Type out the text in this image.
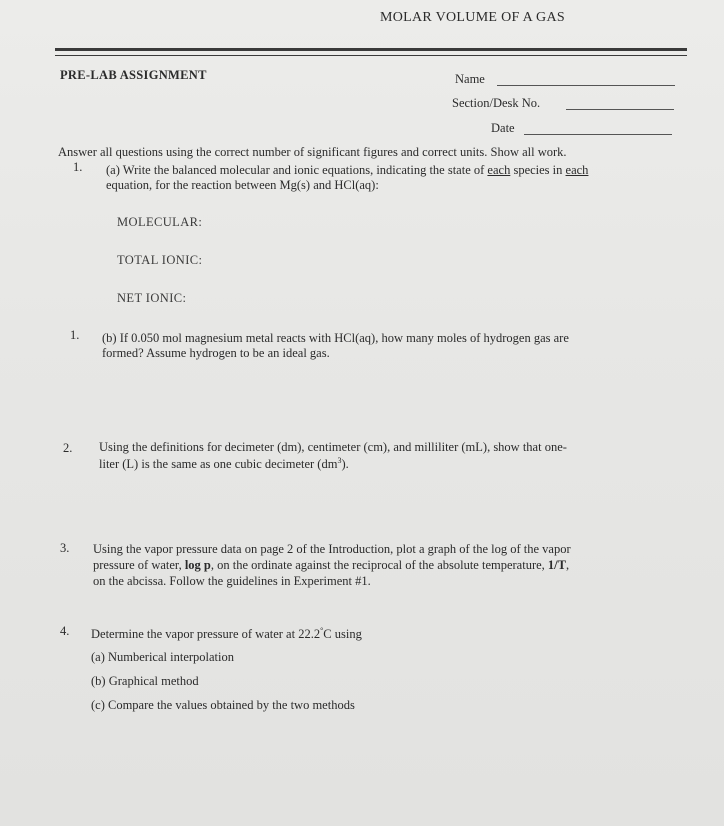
MOLAR VOLUME OF A GAS
PRE-LAB ASSIGNMENT	Name
Section/Desk No.
Date
Answer all questions using the correct number of significant figures and correct units. Show all work.
1. (a) Write the balanced molecular and ionic equations, indicating the state of each species in each
equation, for the reaction between Mg(s) and HCl(aq):
MOLECULAR:
TOTAL IONIC:
NET IONIC:
1. (b) If 0.050 mol magnesium metal reacts with HCl(aq), how many moles of hydrogen gas are
formed? Assume hydrogen to be an ideal gas.
2. Using the definitions for decimeter (dm), centimeter (cm), and milliliter (mL), show that one-
liter (L) is the same as one cubic decimeter $(dm^3)$.
3. Using the vapor pressure data on page 2 of the Introduction, plot a graph of the log of the vapor
pressure of water, log p, on the ordinate against the reciprocal of the absolute temperature, 1/T,
on the abcissa. Follow the guidelines in Experiment #1.
4. Determine the vapor pressure of water at 22.2°C using
(a) Numberical interpolation
(b) Graphical method
(c) Compare the values obtained by the two methods
